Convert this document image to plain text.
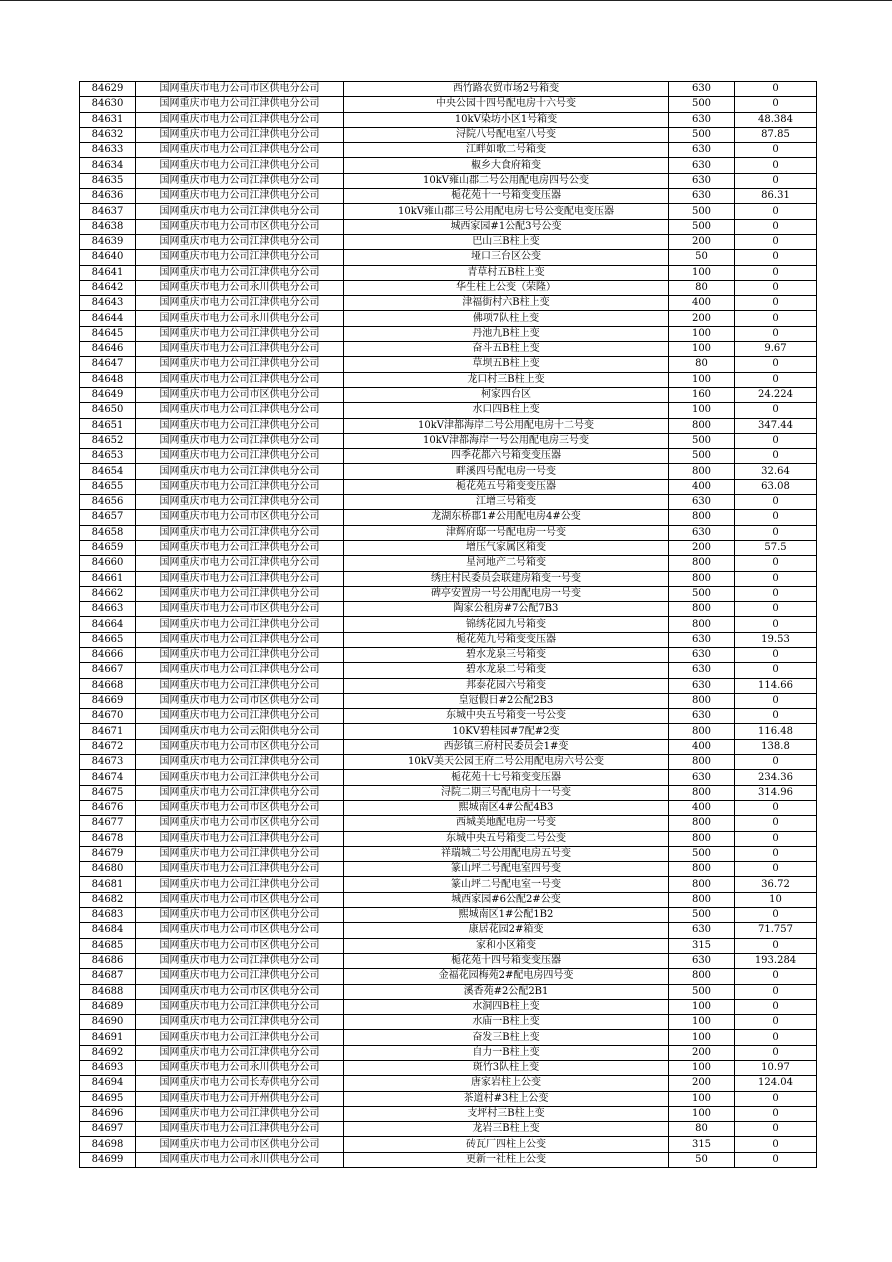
84629	国网重庆市电力公司市区供电分公司	西竹路农贸市场2号箱变	630	0
84630	国网重庆市电力公司江津供电分公司	中央公园十四号配电房十六号变	500	0
84631	国网重庆市电力公司江津供电分公司	10kV染坊小区1号箱变	630	48.384
84632	国网重庆市电力公司江津供电分公司	浔院八号配电室八号变	500	87.85
84633	国网重庆市电力公司江津供电分公司	江畔如歌二号箱变	630	0
84634	国网重庆市电力公司江津供电分公司	椒乡大食府箱变	630	0
84635	国网重庆市电力公司江津供电分公司	10kV雍山郡二号公用配电房四号公变	630	0
84636	国网重庆市电力公司江津供电分公司	栀花苑十一号箱变变压器	630	86.31
84637	国网重庆市电力公司江津供电分公司	10kV雍山郡三号公用配电房七号公变配电变压器	500	0
84638	国网重庆市电力公司市区供电分公司	城西家园#1公配3号公变	500	0
84639	国网重庆市电力公司江津供电分公司	巴山三B柱上变	200	0
84640	国网重庆市电力公司江津供电分公司	垭口三台区公变	50	0
84641	国网重庆市电力公司江津供电分公司	青草村五B柱上变	100	0
84642	国网重庆市电力公司永川供电分公司	华生柱上公变（荣隆）	80	0
84643	国网重庆市电力公司江津供电分公司	津福街村六B柱上变	400	0
84644	国网重庆市电力公司永川供电分公司	佛项7队柱上变	200	0
84645	国网重庆市电力公司江津供电分公司	丹池九B柱上变	100	0
84646	国网重庆市电力公司江津供电分公司	奋斗五B柱上变	100	9.67
84647	国网重庆市电力公司江津供电分公司	草坝五B柱上变	80	0
84648	国网重庆市电力公司江津供电分公司	龙口村三B柱上变	100	0
84649	国网重庆市电力公司市区供电分公司	柯家四台区	160	24.224
84650	国网重庆市电力公司江津供电分公司	水口四B柱上变	100	0
84651	国网重庆市电力公司江津供电分公司	10kV津都海岸二号公用配电房十二号变	800	347.44
84652	国网重庆市电力公司江津供电分公司	10kV津都海岸一号公用配电房三号变	500	0
84653	国网重庆市电力公司江津供电分公司	四季花都六号箱变变压器	500	0
84654	国网重庆市电力公司江津供电分公司	畔溪四号配电房一号变	800	32.64
84655	国网重庆市电力公司江津供电分公司	栀花苑五号箱变变压器	400	63.08
84656	国网重庆市电力公司江津供电分公司	江增三号箱变	630	0
84657	国网重庆市电力公司市区供电分公司	龙湖东桥郡1#公用配电房4#公变	800	0
84658	国网重庆市电力公司江津供电分公司	津辉府邸一号配电房一号变	630	0
84659	国网重庆市电力公司江津供电分公司	增压气家属区箱变	200	57.5
84660	国网重庆市电力公司江津供电分公司	星河地产二号箱变	800	0
84661	国网重庆市电力公司江津供电分公司	绣庄村民委员会联建房箱变一号变	800	0
84662	国网重庆市电力公司江津供电分公司	碑亭安置房一号公用配电房一号变	500	0
84663	国网重庆市电力公司市区供电分公司	陶家公租房#7公配7B3	800	0
84664	国网重庆市电力公司江津供电分公司	锦绣花园九号箱变	800	0
84665	国网重庆市电力公司江津供电分公司	栀花苑九号箱变变压器	630	19.53
84666	国网重庆市电力公司江津供电分公司	碧水龙泉三号箱变	630	0
84667	国网重庆市电力公司江津供电分公司	碧水龙泉二号箱变	630	0
84668	国网重庆市电力公司江津供电分公司	邦泰花园六号箱变	630	114.66
84669	国网重庆市电力公司市区供电分公司	皇冠假日#2公配2B3	800	0
84670	国网重庆市电力公司江津供电分公司	东城中央五号箱变一号公变	630	0
84671	国网重庆市电力公司云阳供电分公司	10KV碧桂园#7配#2变	800	116.48
84672	国网重庆市电力公司市区供电分公司	西彭镇三府村民委员会1#变	400	138.8
84673	国网重庆市电力公司江津供电分公司	10kV美天公园王府二号公用配电房六号公变	800	0
84674	国网重庆市电力公司江津供电分公司	栀花苑十七号箱变变压器	630	234.36
84675	国网重庆市电力公司江津供电分公司	浔院二期三号配电房十一号变	800	314.96
84676	国网重庆市电力公司市区供电分公司	熙城南区4#公配4B3	400	0
84677	国网重庆市电力公司市区供电分公司	西城美地配电房一号变	800	0
84678	国网重庆市电力公司江津供电分公司	东城中央五号箱变二号公变	800	0
84679	国网重庆市电力公司江津供电分公司	祥瑞城二号公用配电房五号变	500	0
84680	国网重庆市电力公司江津供电分公司	篆山坪二号配电室四号变	800	0
84681	国网重庆市电力公司江津供电分公司	篆山坪二号配电室一号变	800	36.72
84682	国网重庆市电力公司市区供电分公司	城西家园#6公配2#公变	800	10
84683	国网重庆市电力公司市区供电分公司	熙城南区1#公配1B2	500	0
84684	国网重庆市电力公司市区供电分公司	康居花园2#箱变	630	71.757
84685	国网重庆市电力公司市区供电分公司	家和小区箱变	315	0
84686	国网重庆市电力公司江津供电分公司	栀花苑十四号箱变变压器	630	193.284
84687	国网重庆市电力公司江津供电分公司	金福花园梅苑2#配电房四号变	800	0
84688	国网重庆市电力公司市区供电分公司	溪香苑#2公配2B1	500	0
84689	国网重庆市电力公司江津供电分公司	水洞四B柱上变	100	0
84690	国网重庆市电力公司江津供电分公司	水庙一B柱上变	100	0
84691	国网重庆市电力公司江津供电分公司	奋发三B柱上变	100	0
84692	国网重庆市电力公司江津供电分公司	自力一B柱上变	200	0
84693	国网重庆市电力公司永川供电分公司	斑竹3队柱上变	100	10.97
84694	国网重庆市电力公司长寿供电分公司	唐家岩柱上公变	200	124.04
84695	国网重庆市电力公司开州供电分公司	茶道村#3柱上公变	100	0
84696	国网重庆市电力公司江津供电分公司	支坪村三B柱上变	100	0
84697	国网重庆市电力公司江津供电分公司	龙岩三B柱上变	80	0
84698	国网重庆市电力公司市区供电分公司	砖瓦厂四柱上公变	315	0
84699	国网重庆市电力公司永川供电分公司	更新一社柱上公变	50	0
